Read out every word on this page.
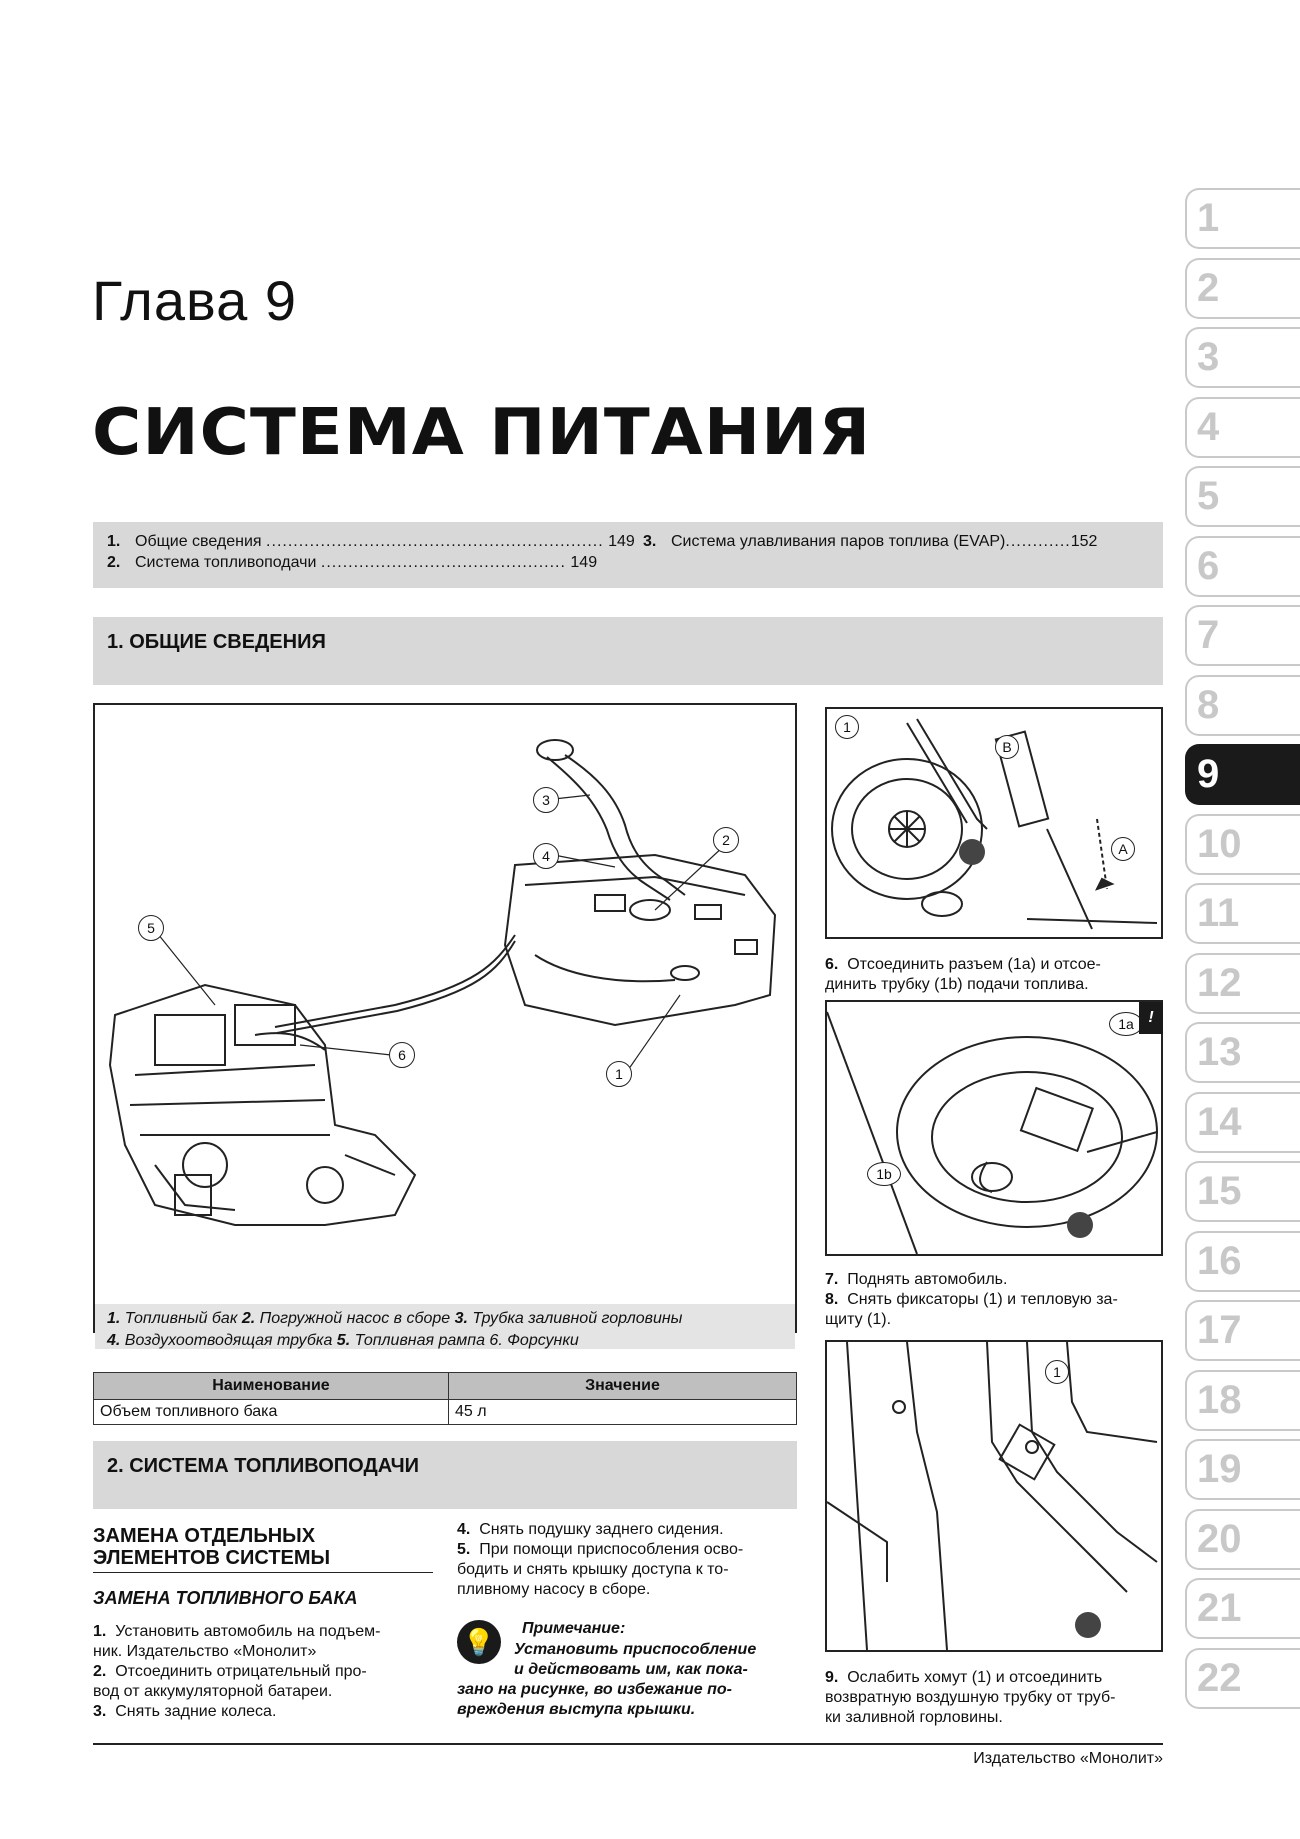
Глава 9
СИСТЕМА ПИТАНИЯ
1. Общие сведения .............................................................. 149
2. Система топливоподачи ............................................. 149
3. Система улавливания паров топлива (EVAP)............152
1. ОБЩИЕ СВЕДЕНИЯ
1
2
3
4
5
6
7
8
9
10
11
12
13
14
15
16
17
18
19
20
21
22
1
2
3
4
5
6
1. Топливный бак 2. Погружной насос в сборе 3. Трубка заливной горловины
4. Воздухоотводящая трубка 5. Топливная рампа 6. Форсунки
Наименование	Значение
Объем топливного бака	45 л
2. СИСТЕМА ТОПЛИВОПОДАЧИ
ЗАМЕНА ОТДЕЛЬНЫХ
ЭЛЕМЕНТОВ СИСТЕМЫ
ЗАМЕНА ТОПЛИВНОГО БАКА
1. Установить автомобиль на подъем-
ник. Издательство «Монолит»
2. Отсоединить отрицательный про-
вод от аккумуляторной батареи.
3. Снять задние колеса.
4. Снять подушку заднего сидения.
5. При помощи приспособления осво-
бодить и снять крышку доступа к то-
пливному насосу в сборе.
💡	Примечание:
Установить приспособление
и действовать им, как пока-
зано на рисунке, во избежание по-
вреждения выступа крышки.
1
B
A
6. Отсоединить разъем (1a) и отсое-
динить трубку (1b) подачи топлива.
1a
1b
!
7. Поднять автомобиль.
8. Снять фиксаторы (1) и тепловую за-
щиту (1).
1
9. Ослабить хомут (1) и отсоединить
возвратную воздушную трубку от труб-
ки заливной горловины.
Издательство «Монолит»
